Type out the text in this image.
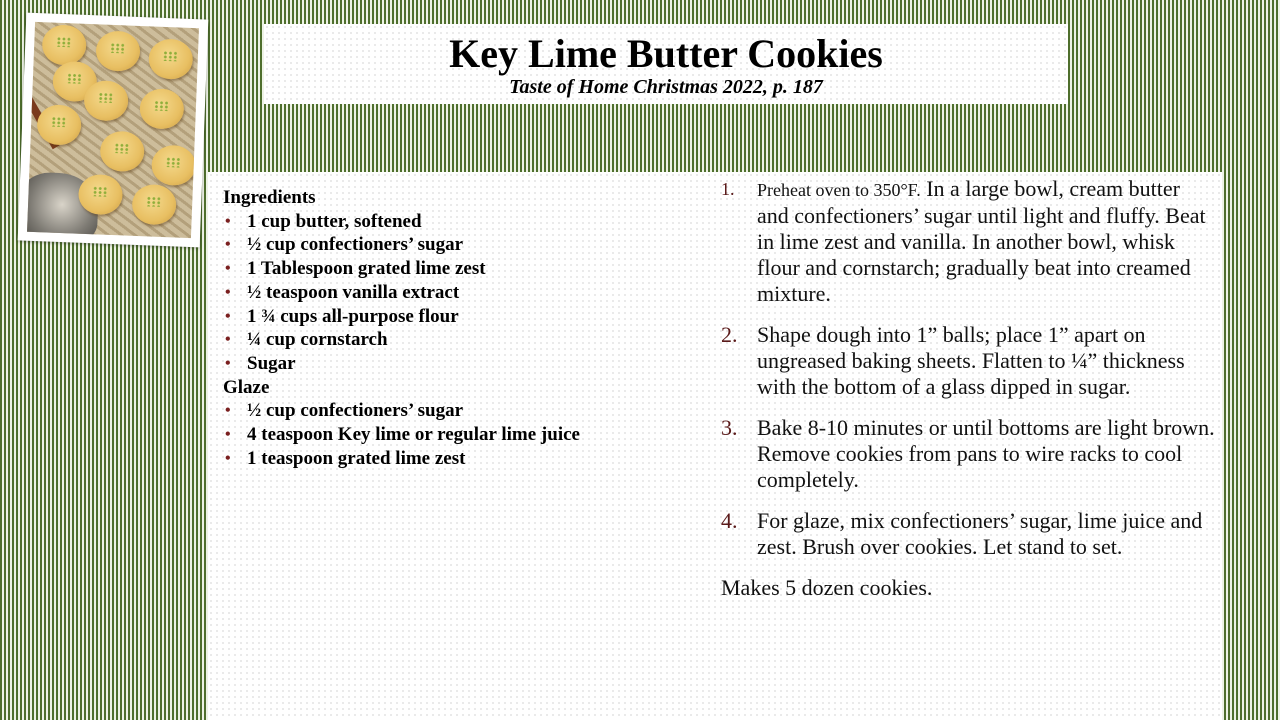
Key Lime Butter Cookies
Taste of Home Christmas 2022, p. 187
Ingredients
• 1 cup butter, softened
• ½ cup confectioners’ sugar
• 1 Tablespoon grated lime zest
• ½ teaspoon vanilla extract
• 1 ¾ cups all-purpose flour
• ¼ cup cornstarch
• Sugar
Glaze
• ½ cup confectioners’ sugar
• 4 teaspoon Key lime or regular lime juice
• 1 teaspoon grated lime zest
1. Preheat oven to 350°F. In a large bowl, cream butter and confectioners’ sugar until light and fluffy. Beat in lime zest and vanilla. In another bowl, whisk flour and cornstarch; gradually beat into creamed mixture.
2. Shape dough into 1” balls; place 1” apart on ungreased baking sheets. Flatten to ¼” thickness with the bottom of a glass dipped in sugar.
3. Bake 8-10 minutes or until bottoms are light brown. Remove cookies from pans to wire racks to cool completely.
4. For glaze, mix confectioners’ sugar, lime juice and zest. Brush over cookies. Let stand to set.
Makes 5 dozen cookies.
